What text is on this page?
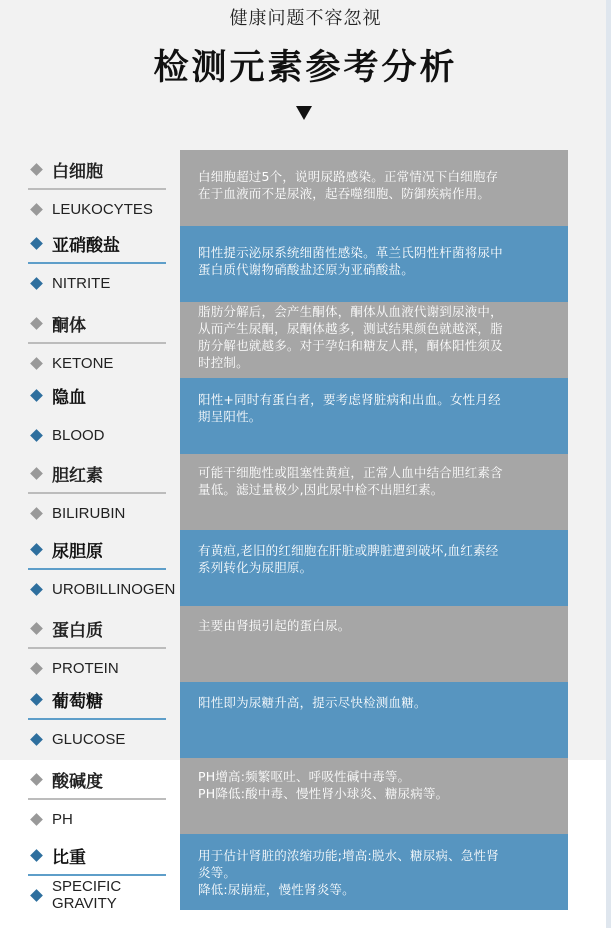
健康问题不容忽视
检测元素参考分析
白细胞
LEUKOCYTES

白细胞超过5个，说明尿路感染。正常情况下白细胞存
在于血液而不是尿液，起吞噬细胞、防御疾病作用。

亚硝酸盐
NITRITE

阳性提示泌尿系统细菌性感染。革兰氏阴性杆菌将尿中
蛋白质代谢物硝酸盐还原为亚硝酸盐。

酮体
KETONE

脂肪分解后，会产生酮体，酮体从血液代谢到尿液中，
从而产生尿酮，尿酮体越多，测试结果颜色就越深，脂
肪分解也就越多。对于孕妇和糖友人群，酮体阳性须及
时控制。

隐血
BLOOD

阳性+同时有蛋白者，要考虑肾脏病和出血。女性月经
期呈阳性。

胆红素
BILIRUBIN

可能干细胞性或阻塞性黄疸，正常人血中结合胆红素含
量低。滤过量极少,因此尿中检不出胆红素。

尿胆原
UROBILLINOGEN

有黄疸,老旧的红细胞在肝脏或脾脏遭到破坏,血红素经
系列转化为尿胆原。

蛋白质
PROTEIN

主要由肾损引起的蛋白尿。

葡萄糖
GLUCOSE

阳性即为尿糖升高，提示尽快检测血糖。

酸碱度
PH

PH增高:频繁呕吐、呼吸性碱中毒等。
PH降低:酸中毒、慢性肾小球炎、糖尿病等。

比重
SPECIFIC
GRAVITY

用于估计肾脏的浓缩功能;增高:脱水、糖尿病、急性肾
炎等。
降低:尿崩症，慢性肾炎等。
